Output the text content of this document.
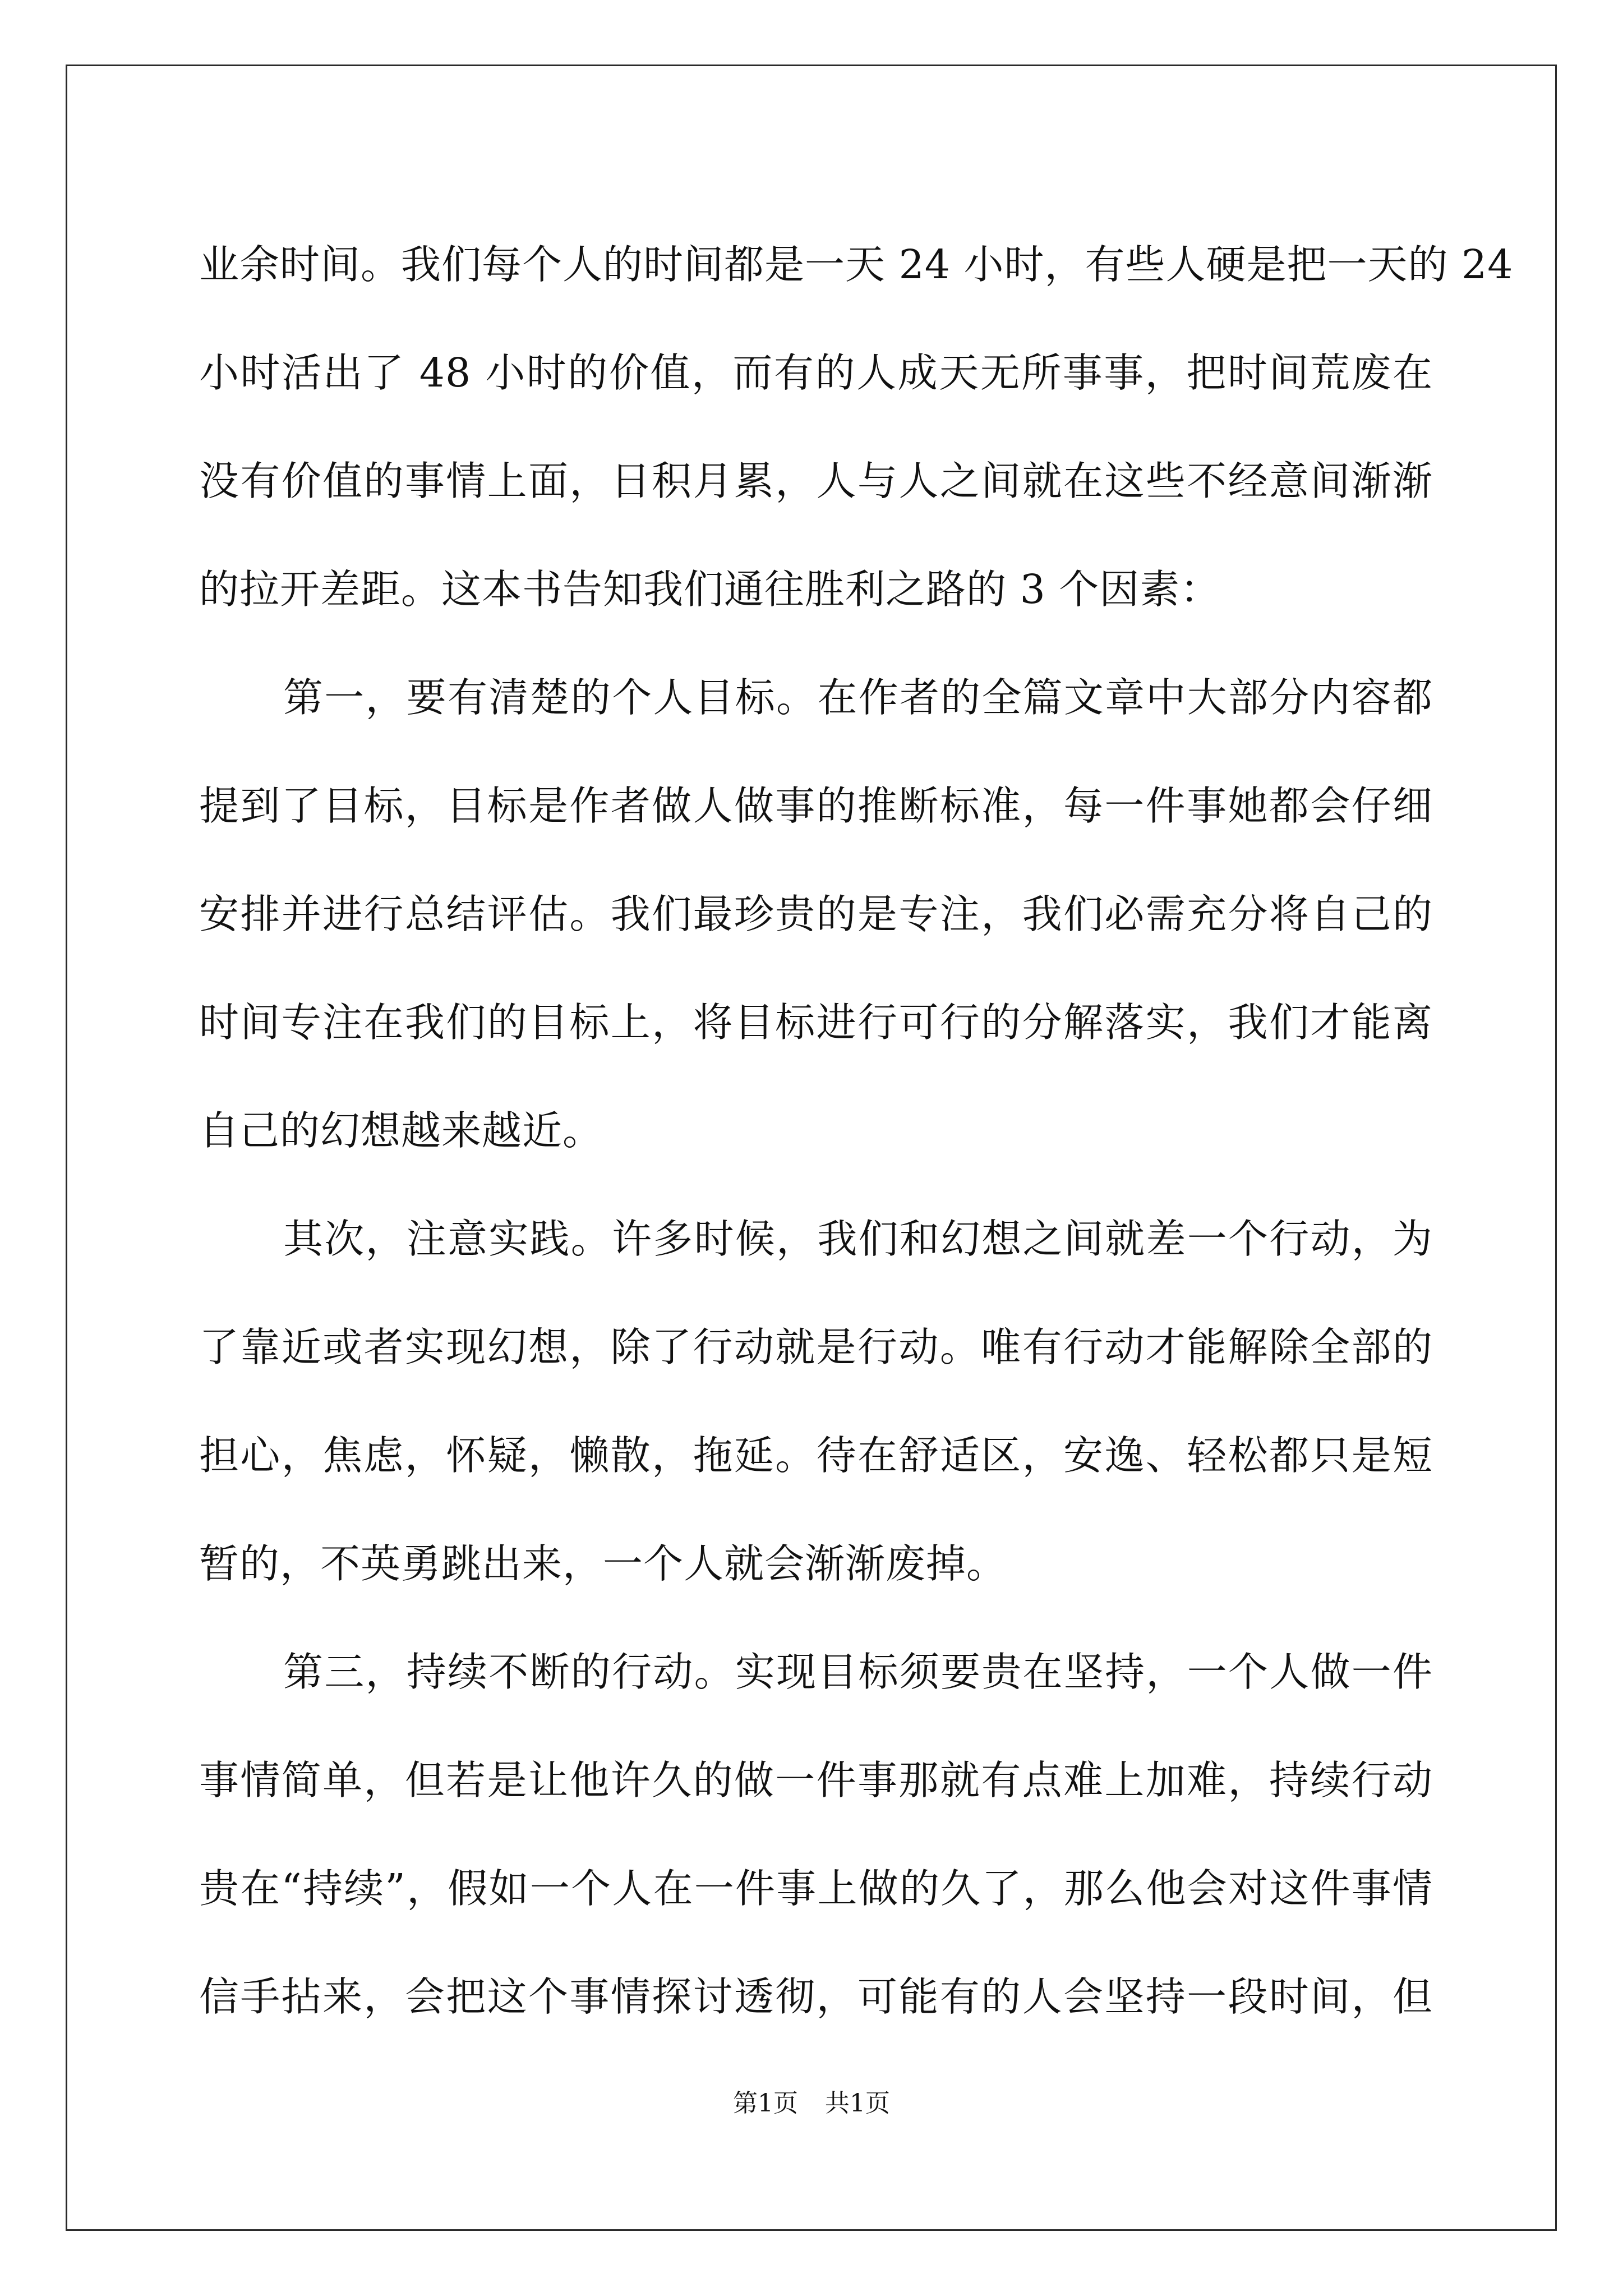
业余时间。我们每个人的时间都是一天 24 小时，有些人硬是把一天的 24

小时活出了 48 小时的价值，而有的人成天无所事事，把时间荒废在

没有价值的事情上面，日积月累，人与人之间就在这些不经意间渐渐

的拉开差距。这本书告知我们通往胜利之路的 3 个因素：

第一，要有清楚的个人目标。在作者的全篇文章中大部分内容都

提到了目标，目标是作者做人做事的推断标准，每一件事她都会仔细

安排并进行总结评估。我们最珍贵的是专注，我们必需充分将自己的

时间专注在我们的目标上，将目标进行可行的分解落实，我们才能离

自己的幻想越来越近。

其次，注意实践。许多时候，我们和幻想之间就差一个行动，为

了靠近或者实现幻想，除了行动就是行动。唯有行动才能解除全部的

担心，焦虑，怀疑，懒散，拖延。待在舒适区，安逸、轻松都只是短

暂的，不英勇跳出来，一个人就会渐渐废掉。

第三，持续不断的行动。实现目标须要贵在坚持，一个人做一件

事情简单，但若是让他许久的做一件事那就有点难上加难，持续行动

贵在“持续”，假如一个人在一件事上做的久了，那么他会对这件事情

信手拈来，会把这个事情探讨透彻，可能有的人会坚持一段时间，但

第1页 共1页
